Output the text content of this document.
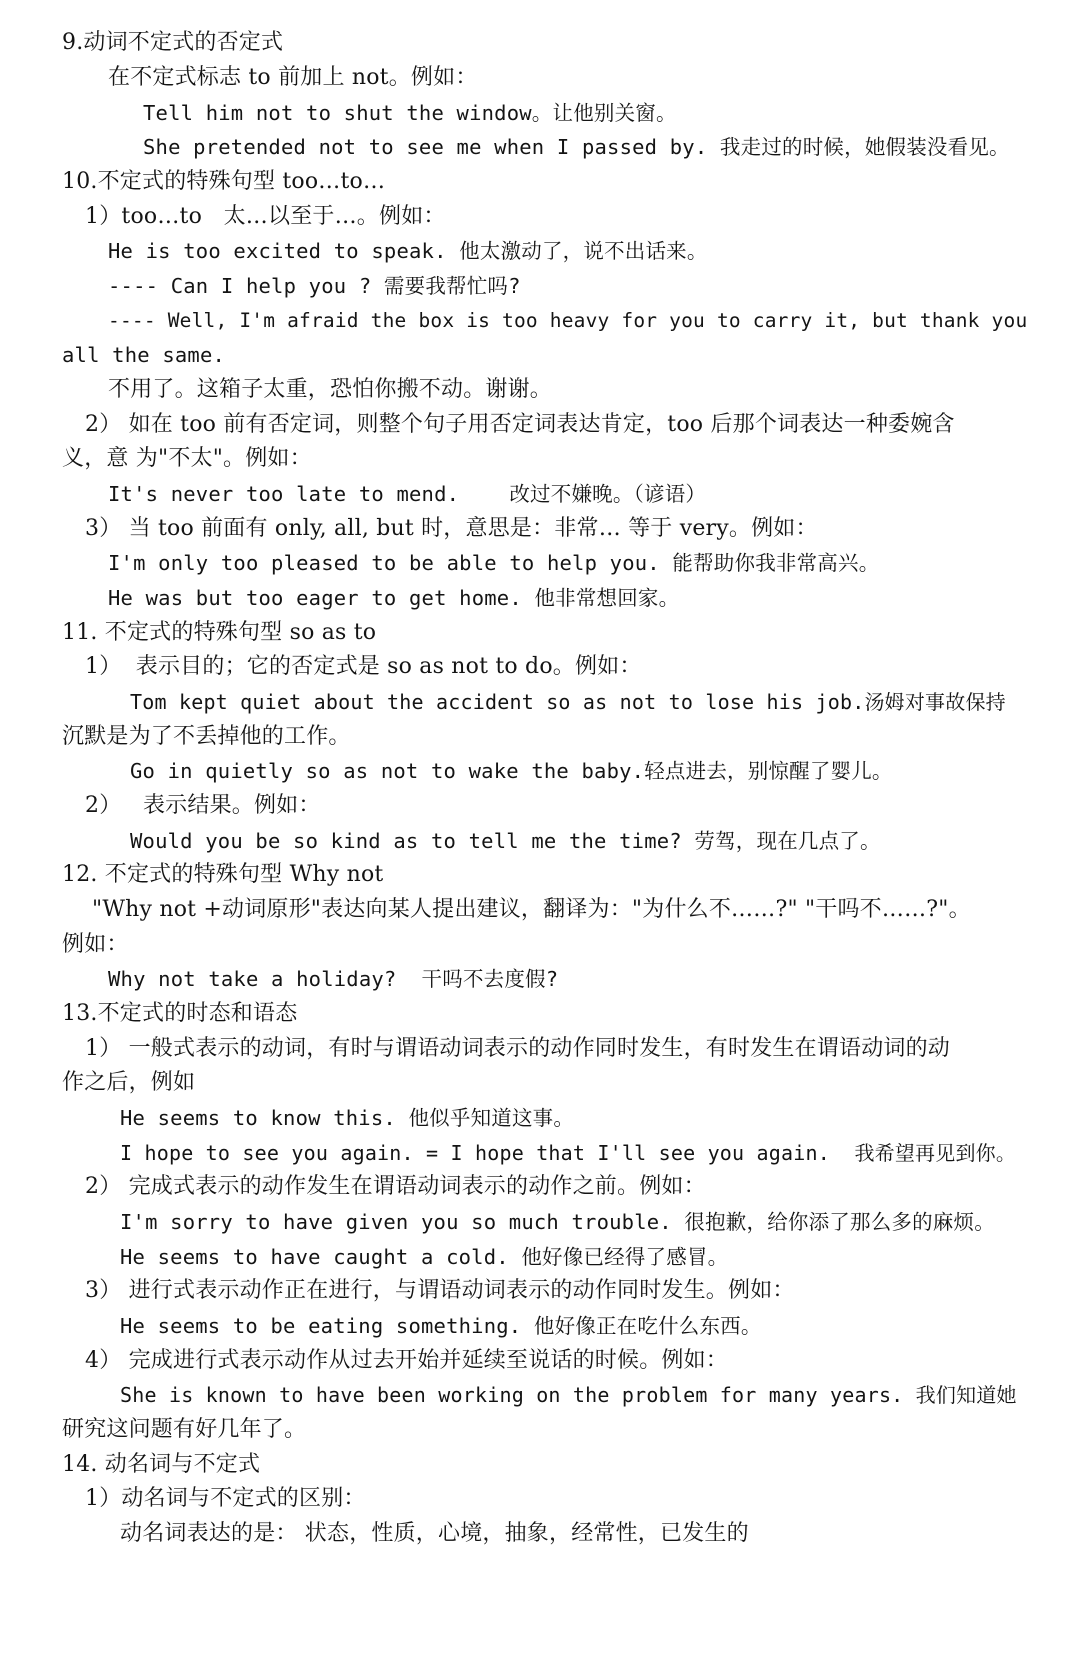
9.动词不定式的否定式

在不定式标志 to 前加上 not。例如：

Tell him not to shut the window。让他别关窗。

She pretended not to see me when I passed by. 我走过的时候，她假装没看见。

10.不定式的特殊句型 too…to…

1）too…to   太…以至于…。例如：

He is too excited to speak. 他太激动了，说不出话来。

---- Can I help you ? 需要我帮忙吗?

---- Well, I'm afraid the box is too heavy for you to carry it, but thank you

all the same.

不用了。这箱子太重，恐怕你搬不动。谢谢。

2） 如在 too 前有否定词，则整个句子用否定词表达肯定，too 后那个词表达一种委婉含

义，意 为"不太"。例如：

It's never too late to mend.    改过不嫌晚。（谚语）

3） 当 too 前面有 only, all, but 时，意思是：非常… 等于 very。例如：

I'm only too pleased to be able to help you. 能帮助你我非常高兴。

He was but too eager to get home. 他非常想回家。

11. 不定式的特殊句型 so as to

1）  表示目的；它的否定式是 so as not to do。例如：

Tom kept quiet about the accident so as not to lose his job.汤姆对事故保持

沉默是为了不丢掉他的工作。

Go in quietly so as not to wake the baby.轻点进去，别惊醒了婴儿。

2）   表示结果。例如：

Would you be so kind as to tell me the time? 劳驾，现在几点了。

12. 不定式的特殊句型 Why not

"Why not +动词原形"表达向某人提出建议，翻译为："为什么不……?" "干吗不……?"。

例如：

Why not take a holiday?  干吗不去度假?

13.不定式的时态和语态

1） 一般式表示的动词，有时与谓语动词表示的动作同时发生，有时发生在谓语动词的动

作之后，例如

He seems to know this. 他似乎知道这事。

I hope to see you again. = I hope that I'll see you again.  我希望再见到你。

2） 完成式表示的动作发生在谓语动词表示的动作之前。例如：

I'm sorry to have given you so much trouble. 很抱歉，给你添了那么多的麻烦。

He seems to have caught a cold. 他好像已经得了感冒。

3） 进行式表示动作正在进行，与谓语动词表示的动作同时发生。例如：

He seems to be eating something. 他好像正在吃什么东西。

4） 完成进行式表示动作从过去开始并延续至说话的时候。例如：

She is known to have been working on the problem for many years. 我们知道她

研究这问题有好几年了。

14. 动名词与不定式

1）动名词与不定式的区别：

动名词表达的是： 状态，性质，心境，抽象，经常性，已发生的
